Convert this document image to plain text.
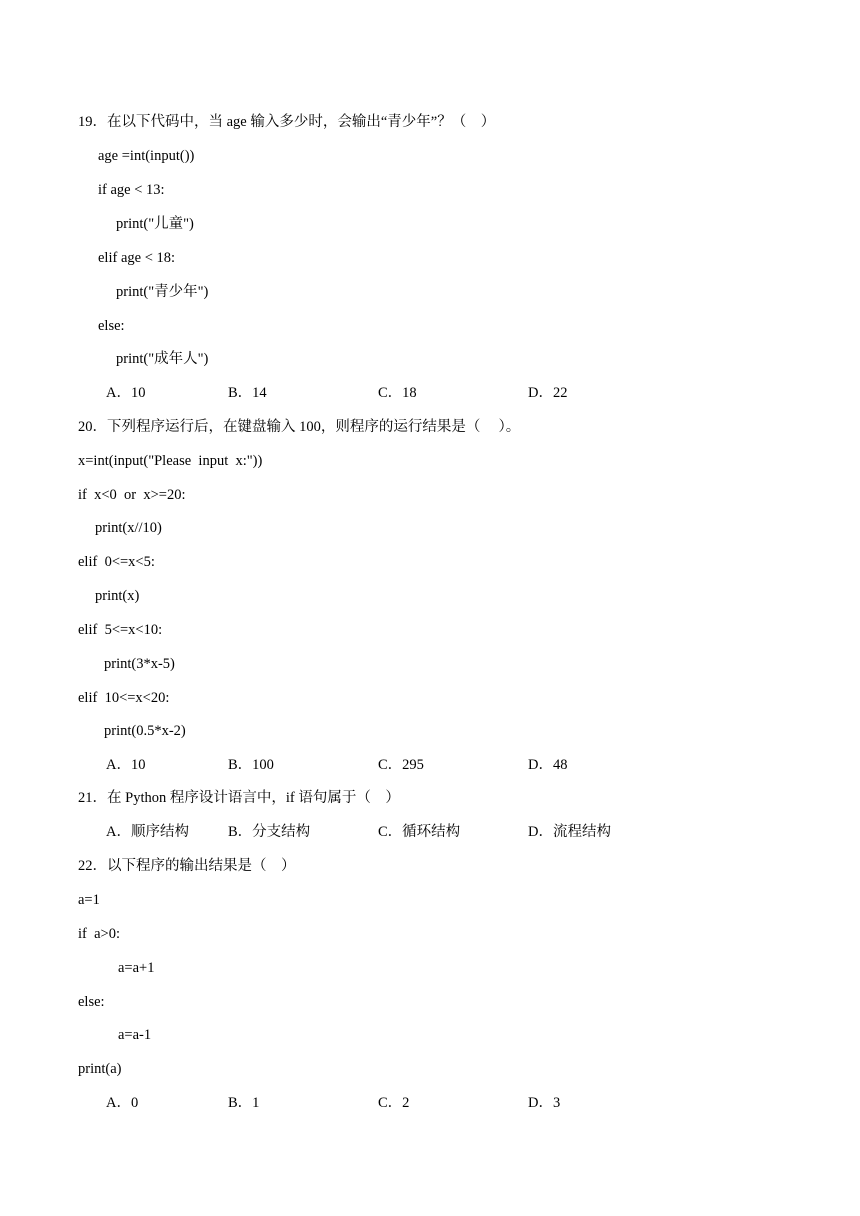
19．在以下代码中，当 age 输入多少时，会输出“青少年”？（　）
age =int(input())
if age < 13:
print("儿童")
elif age < 18:
print("青少年")
else:
print("成年人")
A．10	B．14	C．18	D．22
20．下列程序运行后，在键盘输入 100，则程序的运行结果是（　 ）。
x=int(input("Please  input  x:"))
if  x<0  or  x>=20:
print(x//10)
elif  0<=x<5:
print(x)
elif  5<=x<10:
print(3*x-5)
elif  10<=x<20:
print(0.5*x-2)
A．10	B．100	C．295	D．48
21．在 Python 程序设计语言中，if 语句属于（　）
A．顺序结构	B．分支结构	C．循环结构	D．流程结构
22．以下程序的输出结果是（　）
a=1
if  a>0:
a=a+1
else:
a=a-1
print(a)
A．0	B．1	C．2	D．3
